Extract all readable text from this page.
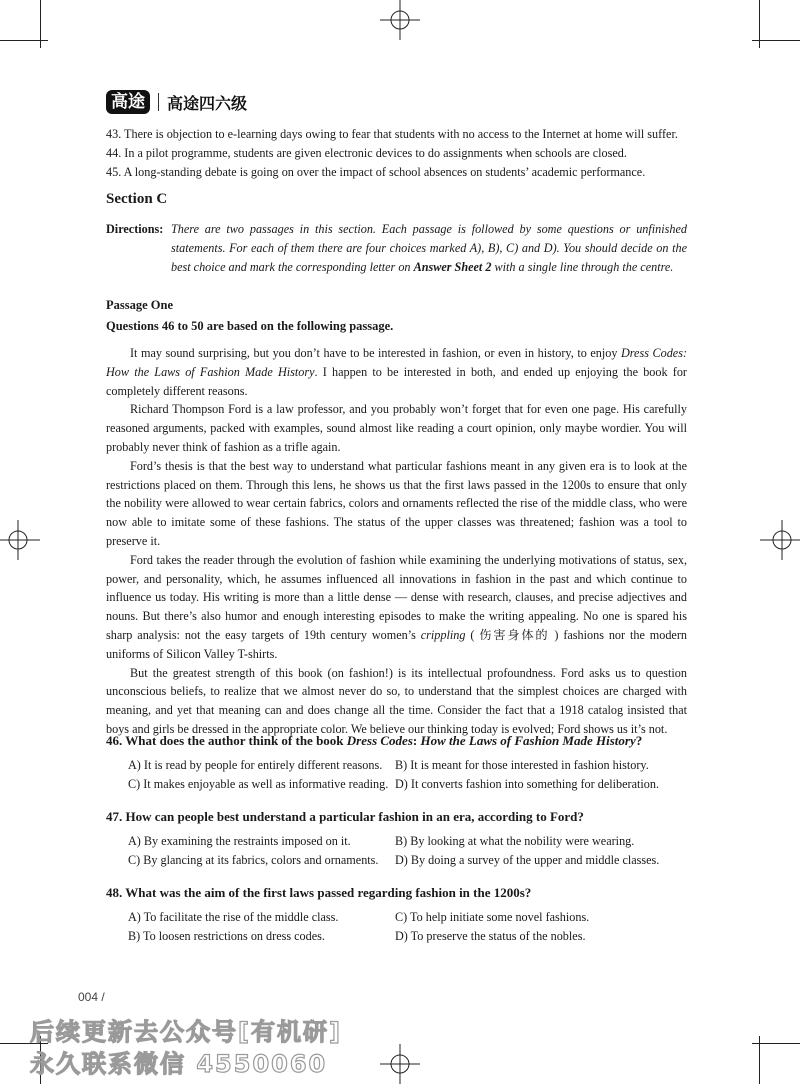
高途	高途四六级
43. There is objection to e-learning days owing to fear that students with no access to the Internet at home will suffer.
44. In a pilot programme, students are given electronic devices to do assignments when schools are closed.
45. A long-standing debate is going on over the impact of school absences on students’ academic performance.
Section C
Directions: There are two passages in this section. Each passage is followed by some questions or unfinished statements. For each of them there are four choices marked A), B), C) and D). You should decide on the best choice and mark the corresponding letter on Answer Sheet 2 with a single line through the centre.
Passage One
Questions 46 to 50 are based on the following passage.

It may sound surprising, but you don’t have to be interested in fashion, or even in history, to enjoy Dress Codes: How the Laws of Fashion Made History. I happen to be interested in both, and ended up enjoying the book for completely different reasons.

Richard Thompson Ford is a law professor, and you probably won’t forget that for even one page. His carefully reasoned arguments, packed with examples, sound almost like reading a court opinion, only maybe wordier. You will probably never think of fashion as a trifle again.

Ford’s thesis is that the best way to understand what particular fashions meant in any given era is to look at the restrictions placed on them. Through this lens, he shows us that the first laws passed in the 1200s to ensure that only the nobility were allowed to wear certain fabrics, colors and ornaments reflected the rise of the middle class, who were now able to imitate some of these fashions. The status of the upper classes was threatened; fashion was a tool to preserve it.

Ford takes the reader through the evolution of fashion while examining the underlying motivations of status, sex, power, and personality, which, he assumes influenced all innovations in fashion in the past and which continue to influence us today. His writing is more than a little dense — dense with research, clauses, and precise adjectives and nouns. But there’s also humor and enough interesting episodes to make the writing appealing. No one is spared his sharp analysis: not the easy targets of 19th century women’s crippling ( 伤害身体的 ) fashions nor the modern uniforms of Silicon Valley T-shirts.

But the greatest strength of this book (on fashion!) is its intellectual profoundness. Ford asks us to question unconscious beliefs, to realize that we almost never do so, to understand that the simplest choices are charged with meaning, and yet that meaning can and does change all the time. Consider the fact that a 1918 catalog insisted that boys and girls be dressed in the appropriate color. We believe our thinking today is evolved; Ford shows us it’s not.

46. What does the author think of the book Dress Codes: How the Laws of Fashion Made History?
A) It is read by people for entirely different reasons. B) It is meant for those interested in fashion history.
C) It makes enjoyable as well as informative reading. D) It converts fashion into something for deliberation.
47. How can people best understand a particular fashion in an era, according to Ford?
A) By examining the restraints imposed on it.	B) By looking at what the nobility were wearing.
C) By glancing at its fabrics, colors and ornaments. D) By doing a survey of the upper and middle classes.
48. What was the aim of the first laws passed regarding fashion in the 1200s?
A) To facilitate the rise of the middle class.	C) To help initiate some novel fashions.
B) To loosen restrictions on dress codes.	D) To preserve the status of the nobles.
004 /
后续更新去公众号[有机研]
永久联系微信 4550060
